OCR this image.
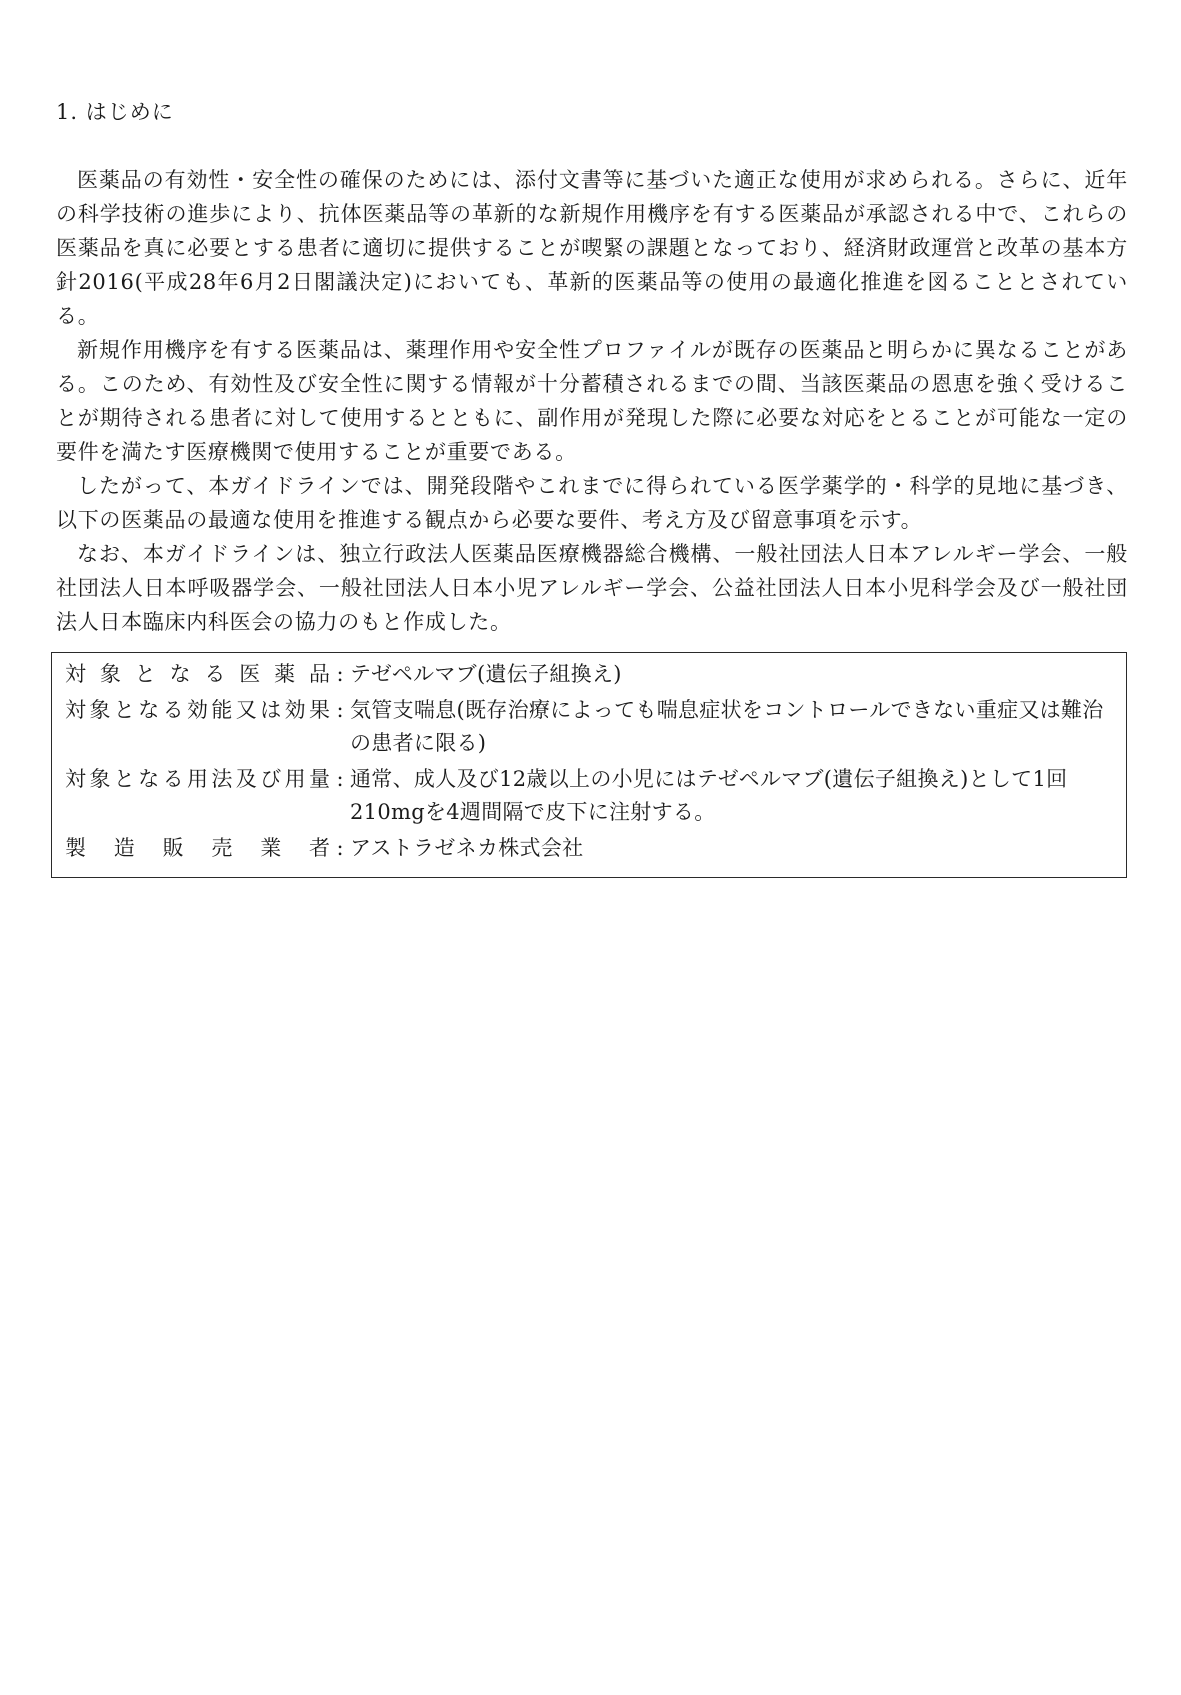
1. はじめに

医薬品の有効性・安全性の確保のためには、添付文書等に基づいた適正な使用が求められる。さらに、近年の科学技術の進歩により、抗体医薬品等の革新的な新規作用機序を有する医薬品が承認される中で、これらの医薬品を真に必要とする患者に適切に提供することが喫緊の課題となっており、経済財政運営と改革の基本方針2016(平成28年6月2日閣議決定)においても、革新的医薬品等の使用の最適化推進を図ることとされている。

新規作用機序を有する医薬品は、薬理作用や安全性プロファイルが既存の医薬品と明らかに異なることがある。このため、有効性及び安全性に関する情報が十分蓄積されるまでの間、当該医薬品の恩恵を強く受けることが期待される患者に対して使用するとともに、副作用が発現した際に必要な対応をとることが可能な一定の要件を満たす医療機関で使用することが重要である。

したがって、本ガイドラインでは、開発段階やこれまでに得られている医学薬学的・科学的見地に基づき、以下の医薬品の最適な使用を推進する観点から必要な要件、考え方及び留意事項を示す。

なお、本ガイドラインは、独立行政法人医薬品医療機器総合機構、一般社団法人日本アレルギー学会、一般社団法人日本呼吸器学会、一般社団法人日本小児アレルギー学会、公益社団法人日本小児科学会及び一般社団法人日本臨床内科医会の協力のもと作成した。

対象となる医薬品 : テゼペルマブ(遺伝子組換え)
対象となる効能又は効果 : 気管支喘息(既存治療によっても喘息症状をコントロールできない重症又は難治の患者に限る)
対象となる用法及び用量 : 通常、成人及び12歳以上の小児にはテゼペルマブ(遺伝子組換え)として1回210mgを4週間隔で皮下に注射する。
製造販売業者 : アストラゼネカ株式会社
